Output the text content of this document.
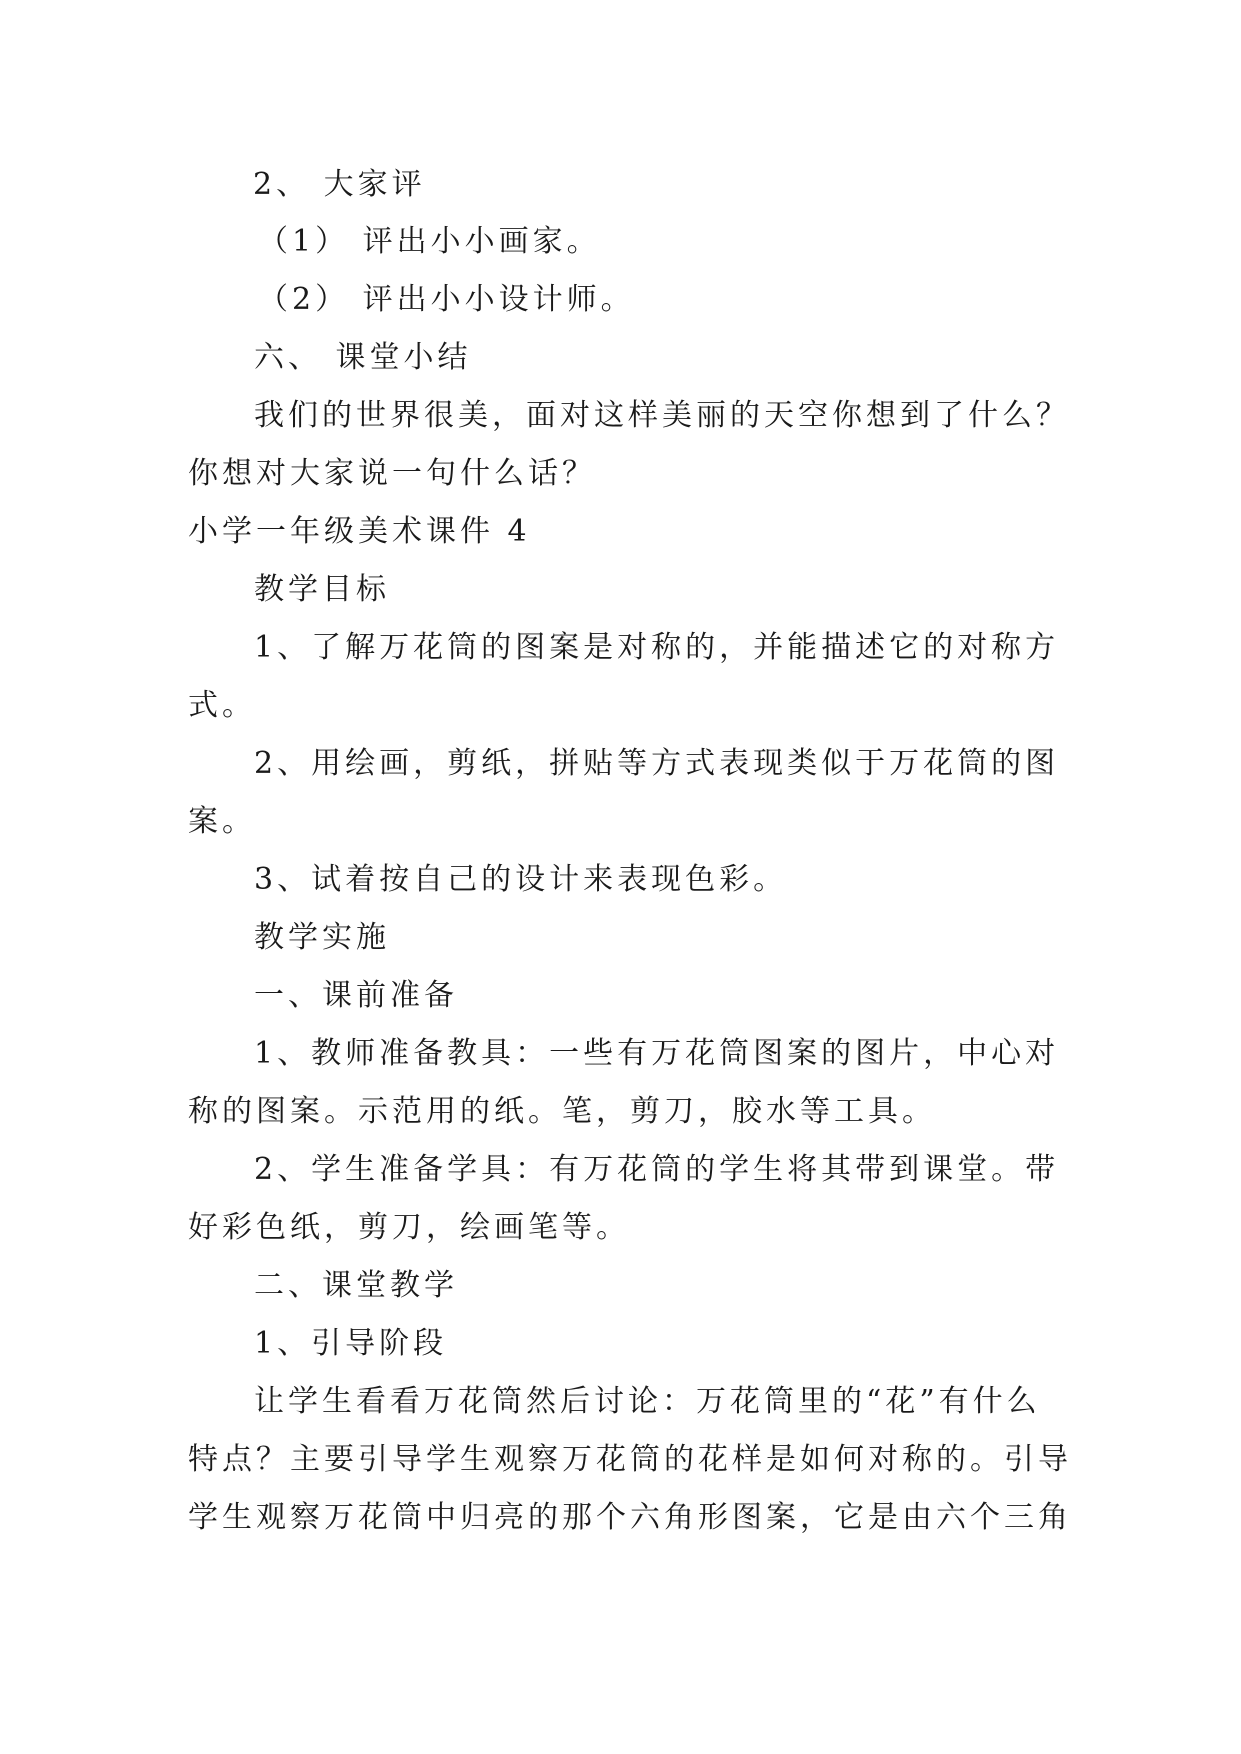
2、 大家评
（1） 评出小小画家。
（2） 评出小小设计师。
六、 课堂小结
我们的世界很美，面对这样美丽的天空你想到了什么？
你想对大家说一句什么话？
小学一年级美术课件 4
教学目标
1、了解万花筒的图案是对称的，并能描述它的对称方
式。
2、用绘画，剪纸，拼贴等方式表现类似于万花筒的图
案。
3、试着按自己的设计来表现色彩。
教学实施
一、课前准备
1、教师准备教具：一些有万花筒图案的图片，中心对
称的图案。示范用的纸。笔，剪刀，胶水等工具。
2、学生准备学具：有万花筒的学生将其带到课堂。带
好彩色纸，剪刀，绘画笔等。
二、课堂教学
1、引导阶段
让学生看看万花筒然后讨论：万花筒里的“花”有什么
特点？主要引导学生观察万花筒的花样是如何对称的。引导
学生观察万花筒中归亮的那个六角形图案，它是由六个三角
